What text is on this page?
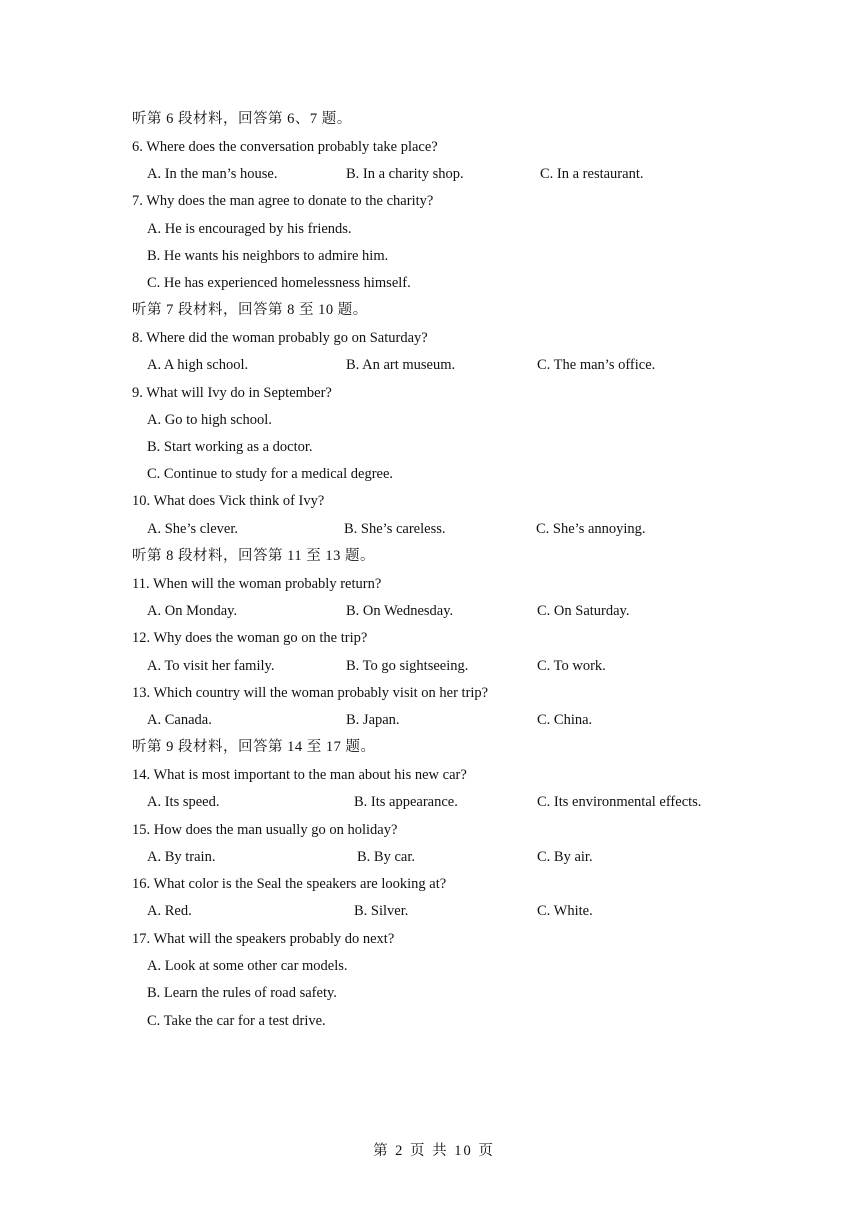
听第 6 段材料，回答第 6、7 题。
6. Where does the conversation probably take place?
A. In the man’s house.	B. In a charity shop.	C. In a restaurant.
7. Why does the man agree to donate to the charity?
A. He is encouraged by his friends.
B. He wants his neighbors to admire him.
C. He has experienced homelessness himself.
听第 7 段材料，回答第 8 至 10 题。
8. Where did the woman probably go on Saturday?
A. A high school.	B. An art museum.	C. The man’s office.
9. What will Ivy do in September?
A. Go to high school.
B. Start working as a doctor.
C. Continue to study for a medical degree.
10. What does Vick think of Ivy?
A. She’s clever.	B. She’s careless.	C. She’s annoying.
听第 8 段材料，回答第 11 至 13 题。
11. When will the woman probably return?
A. On Monday.	B. On Wednesday.	C. On Saturday.
12. Why does the woman go on the trip?
A. To visit her family.	B. To go sightseeing.	C. To work.
13. Which country will the woman probably visit on her trip?
A. Canada.	B. Japan.	C. China.
听第 9 段材料，回答第 14 至 17 题。
14. What is most important to the man about his new car?
A. Its speed.	B. Its appearance.	C. Its environmental effects.
15. How does the man usually go on holiday?
A. By train.	B. By car.	C. By air.
16. What color is the Seal the speakers are looking at?
A. Red.	B. Silver.	C. White.
17. What will the speakers probably do next?
A. Look at some other car models.
B. Learn the rules of road safety.
C. Take the car for a test drive.
第 2 页 共 10 页
